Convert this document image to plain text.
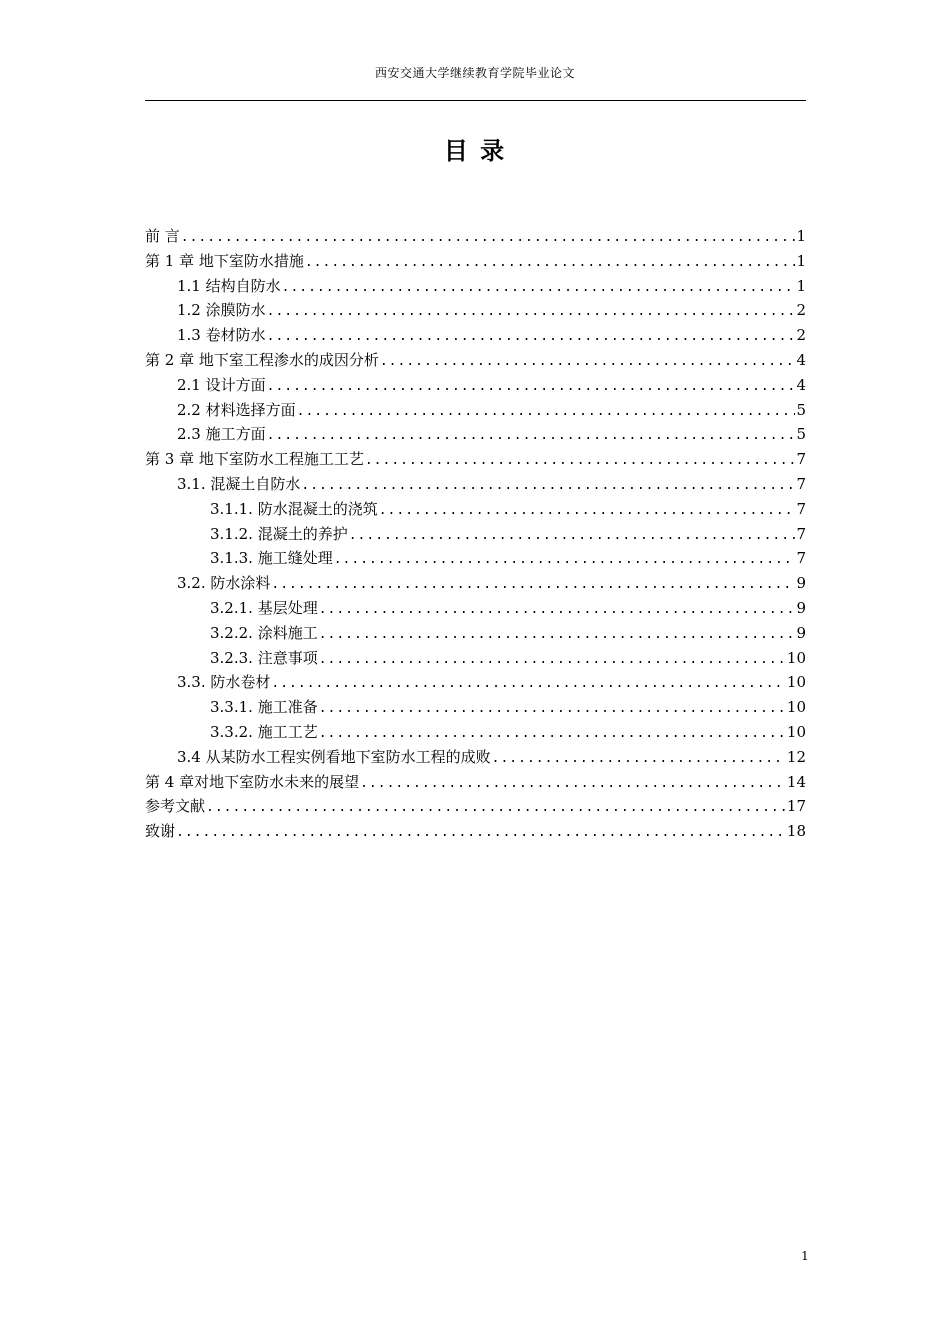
西安交通大学继续教育学院毕业论文
目 录
前 言 .....	1
第 1 章 地下室防水措施 .....	1
1.1 结构自防水 .....	1
1.2 涂膜防水 .....	2
1.3 卷材防水 .....	2
第 2 章 地下室工程渗水的成因分析 .....	4
2.1 设计方面 .....	4
2.2 材料选择方面 .....	5
2.3 施工方面 .....	5
第 3 章 地下室防水工程施工工艺 .....	7
3.1. 混凝土自防水 .....	7
3.1.1. 防水混凝土的浇筑 .....	7
3.1.2. 混凝土的养护 .....	7
3.1.3. 施工缝处理 .....	7
3.2. 防水涂料 .....	9
3.2.1. 基层处理 .....	9
3.2.2. 涂料施工 .....	9
3.2.3. 注意事项 .....	10
3.3. 防水卷材 .....	10
3.3.1. 施工准备 .....	10
3.3.2. 施工工艺 .....	10
3.4 从某防水工程实例看地下室防水工程的成败 .....	12
第 4 章对地下室防水未来的展望 .....	14
参考文献 .....	17
致谢 .....	18
1
